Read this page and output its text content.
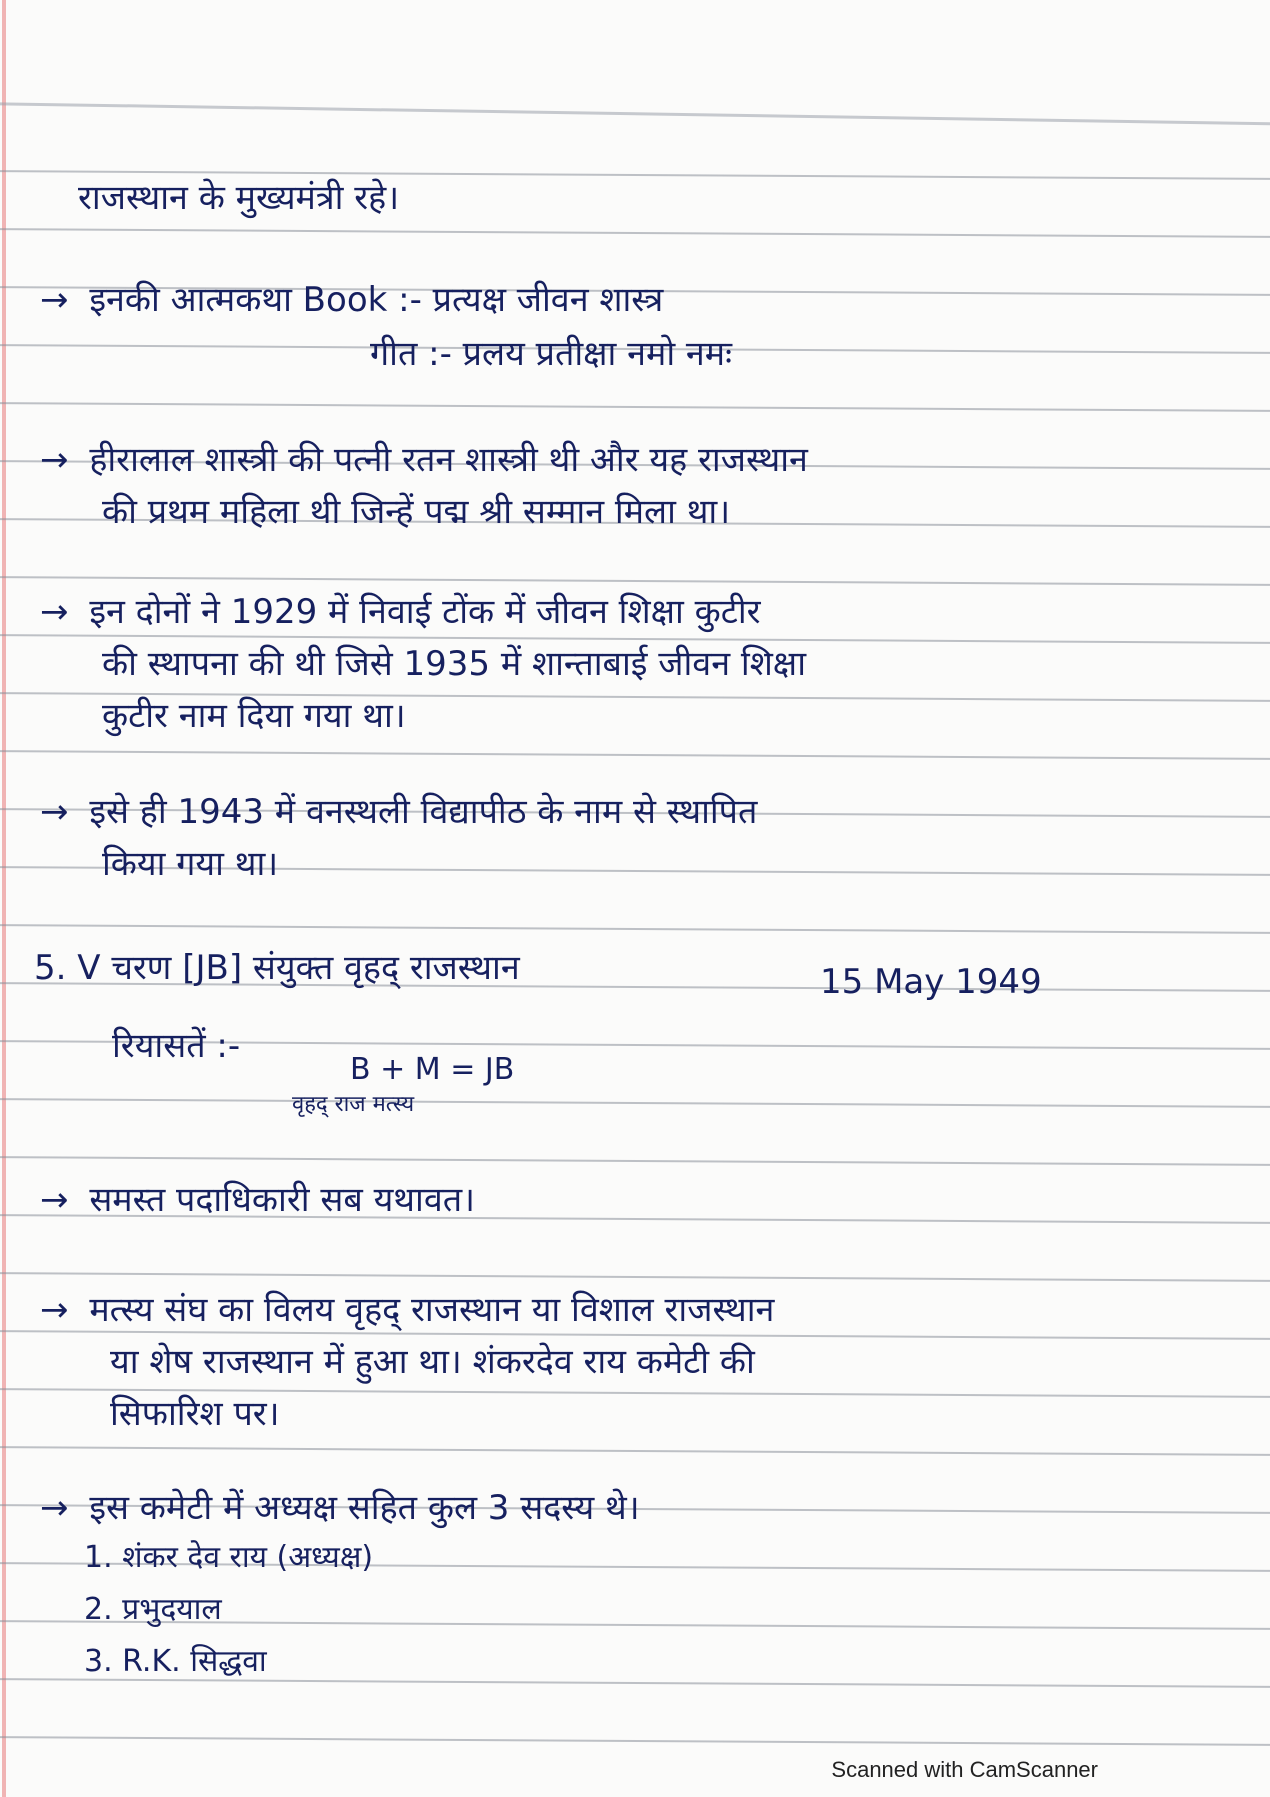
राजस्थान के मुख्यमंत्री रहे।
→ इनकी आत्मकथा Book :- प्रत्यक्ष जीवन शास्त्र
गीत :- प्रलय प्रतीक्षा नमो नमः
→ हीरालाल शास्त्री की पत्नी रतन शास्त्री थी और यह राजस्थान
की प्रथम महिला थी जिन्हें पद्म श्री सम्मान मिला था।
→ इन दोनों ने 1929 में निवाई टोंक में जीवन शिक्षा कुटीर
की स्थापना की थी जिसे 1935 में शान्ताबाई जीवन शिक्षा
कुटीर नाम दिया गया था।
→ इसे ही 1943 में वनस्थली विद्यापीठ के नाम से स्थापित
किया गया था।
5. V चरण [JB] संयुक्त वृहद् राजस्थान	15 May 1949
रियासतें :-
B + M = JB
वृहद् राज मत्स्य
→ समस्त पदाधिकारी सब यथावत।
→ मत्स्य संघ का विलय वृहद् राजस्थान या विशाल राजस्थान
या शेष राजस्थान में हुआ था। शंकरदेव राय कमेटी की
सिफारिश पर।
→ इस कमेटी में अध्यक्ष सहित कुल 3 सदस्य थे।
1. शंकर देव राय (अध्यक्ष)
2. प्रभुदयाल
3. R.K. सिद्धवा
Scanned with CamScanner
